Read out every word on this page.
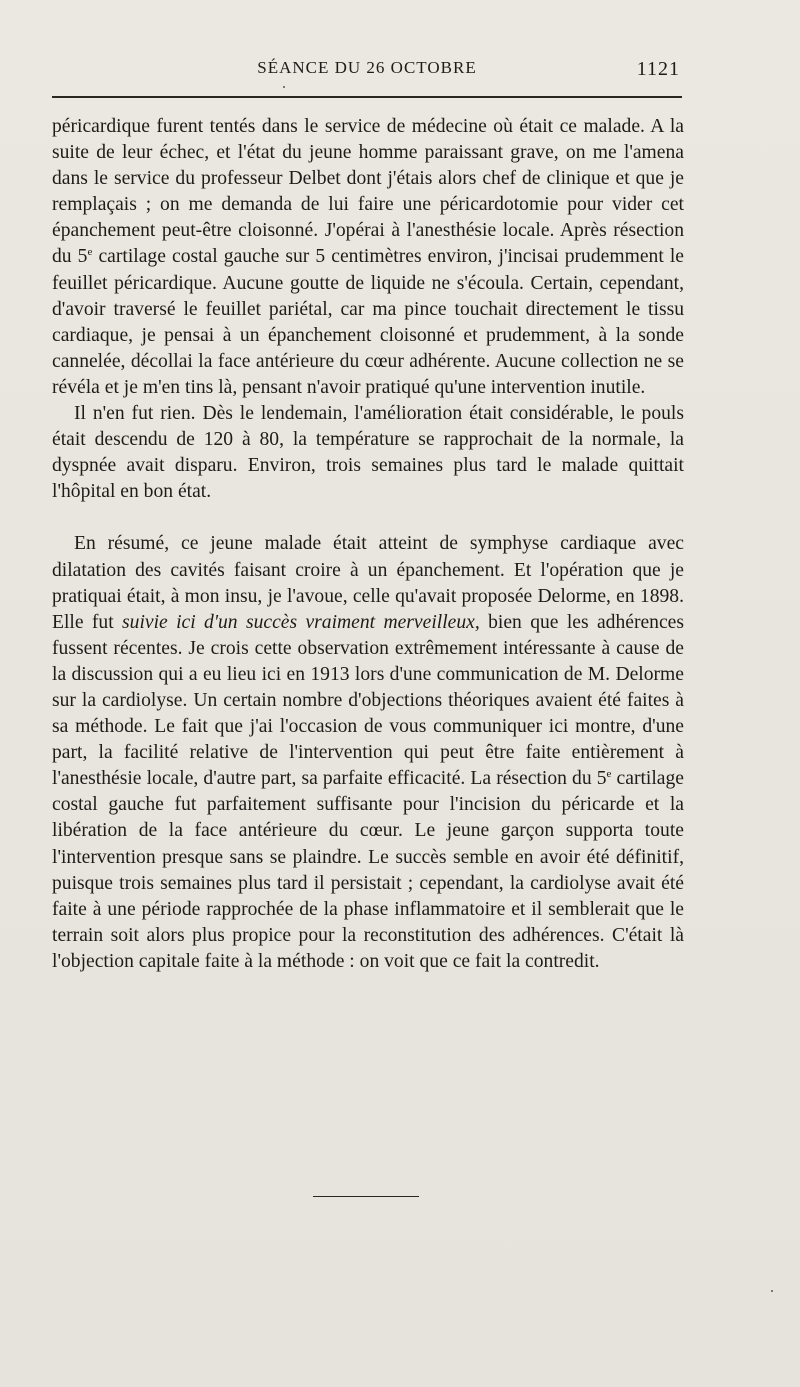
SÉANCE DU 26 OCTOBRE	1121

péricardique furent tentés dans le service de médecine où était ce malade. A la suite de leur échec, et l'état du jeune homme paraissant grave, on me l'amena dans le service du professeur Delbet dont j'étais alors chef de clinique et que je remplaçais ; on me demanda de lui faire une péricardotomie pour vider cet épanchement peut-être cloisonné. J'opérai à l'anesthésie locale. Après résection du 5e cartilage costal gauche sur 5 centimètres environ, j'incisai prudemment le feuillet péricardique. Aucune goutte de liquide ne s'écoula. Certain, cependant, d'avoir traversé le feuillet pariétal, car ma pince touchait directement le tissu cardiaque, je pensai à un épanchement cloisonné et prudemment, à la sonde cannelée, décollai la face antérieure du cœur adhérente. Aucune collection ne se révéla et je m'en tins là, pensant n'avoir pratiqué qu'une intervention inutile.

Il n'en fut rien. Dès le lendemain, l'amélioration était considérable, le pouls était descendu de 120 à 80, la température se rapprochait de la normale, la dyspnée avait disparu. Environ, trois semaines plus tard le malade quittait l'hôpital en bon état.

En résumé, ce jeune malade était atteint de symphyse cardiaque avec dilatation des cavités faisant croire à un épanchement. Et l'opération que je pratiquai était, à mon insu, je l'avoue, celle qu'avait proposée Delorme, en 1898. Elle fut suivie ici d'un succès vraiment merveilleux, bien que les adhérences fussent récentes. Je crois cette observation extrêmement intéressante à cause de la discussion qui a eu lieu ici en 1913 lors d'une communication de M. Delorme sur la cardiolyse. Un certain nombre d'objections théoriques avaient été faites à sa méthode. Le fait que j'ai l'occasion de vous communiquer ici montre, d'une part, la facilité relative de l'intervention qui peut être faite entièrement à l'anesthésie locale, d'autre part, sa parfaite efficacité. La résection du 5e cartilage costal gauche fut parfaitement suffisante pour l'incision du péricarde et la libération de la face antérieure du cœur. Le jeune garçon supporta toute l'intervention presque sans se plaindre. Le succès semble en avoir été définitif, puisque trois semaines plus tard il persistait ; cependant, la cardiolyse avait été faite à une période rapprochée de la phase inflammatoire et il semblerait que le terrain soit alors plus propice pour la reconstitution des adhérences. C'était là l'objection capitale faite à la méthode : on voit que ce fait la contredit.
